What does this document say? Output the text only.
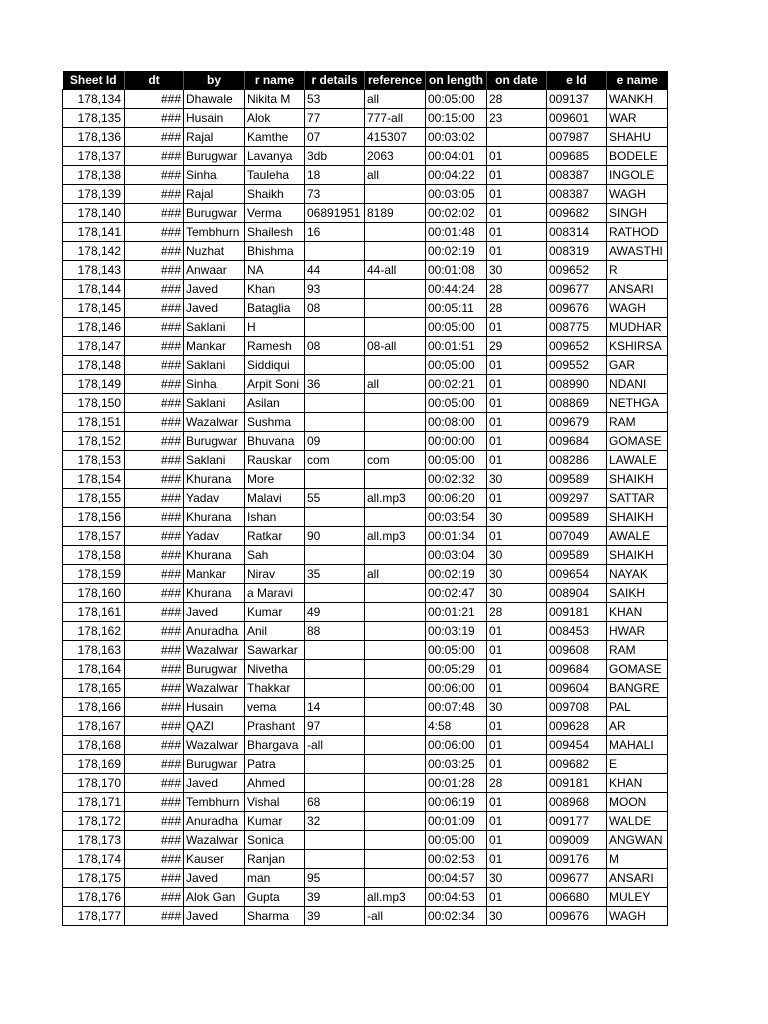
Sheet Id	dt	by	r name	r details	reference	on length	on date	e Id	e name
178,134	###	Dhawale	Nikita M	53	all	00:05:00	28	009137	WANKH
178,135	###	Husain	Alok	77	777-all	00:15:00	23	009601	WAR
178,136	###	Rajal	Kamthe	07	415307	00:03:02		007987	SHAHU
178,137	###	Burugwar	Lavanya	3db	2063	00:04:01	01	009685	BODELE
178,138	###	Sinha	Tauleha	18	all	00:04:22	01	008387	INGOLE
178,139	###	Rajal	Shaikh	73		00:03:05	01	008387	WAGH
178,140	###	Burugwar	Verma	06891951	8189	00:02:02	01	009682	SINGH
178,141	###	Tembhurn	Shailesh	16		00:01:48	01	008314	RATHOD
178,142	###	Nuzhat	Bhishma			00:02:19	01	008319	AWASTHI
178,143	###	Anwaar	NA	44	44-all	00:01:08	30	009652	R
178,144	###	Javed	Khan	93		00:44:24	28	009677	ANSARI
178,145	###	Javed	Bataglia	08		00:05:11	28	009676	WAGH
178,146	###	Saklani	H			00:05:00	01	008775	MUDHAR
178,147	###	Mankar	Ramesh	08	08-all	00:01:51	29	009652	KSHIRSA
178,148	###	Saklani	Siddiqui			00:05:00	01	009552	GAR
178,149	###	Sinha	Arpit Soni	36	all	00:02:21	01	008990	NDANI
178,150	###	Saklani	Asilan			00:05:00	01	008869	NETHGA
178,151	###	Wazalwar	Sushma			00:08:00	01	009679	RAM
178,152	###	Burugwar	Bhuvana	09		00:00:00	01	009684	GOMASE
178,153	###	Saklani	Rauskar	com	com	00:05:00	01	008286	LAWALE
178,154	###	Khurana	More			00:02:32	30	009589	SHAIKH
178,155	###	Yadav	Malavi	55	all.mp3	00:06:20	01	009297	SATTAR
178,156	###	Khurana	Ishan			00:03:54	30	009589	SHAIKH
178,157	###	Yadav	Ratkar	90	all.mp3	00:01:34	01	007049	AWALE
178,158	###	Khurana	Sah			00:03:04	30	009589	SHAIKH
178,159	###	Mankar	Nirav	35	all	00:02:19	30	009654	NAYAK
178,160	###	Khurana	a Maravi			00:02:47	30	008904	SAIKH
178,161	###	Javed	Kumar	49		00:01:21	28	009181	KHAN
178,162	###	Anuradha	Anil	88		00:03:19	01	008453	HWAR
178,163	###	Wazalwar	Sawarkar			00:05:00	01	009608	RAM
178,164	###	Burugwar	Nivetha			00:05:29	01	009684	GOMASE
178,165	###	Wazalwar	Thakkar			00:06:00	01	009604	BANGRE
178,166	###	Husain	vema	14		00:07:48	30	009708	PAL
178,167	###	QAZI	Prashant	97		4:58	01	009628	AR
178,168	###	Wazalwar	Bhargava	-all		00:06:00	01	009454	MAHALI
178,169	###	Burugwar	Patra			00:03:25	01	009682	E
178,170	###	Javed	Ahmed			00:01:28	28	009181	KHAN
178,171	###	Tembhurn	Vishal	68		00:06:19	01	008968	MOON
178,172	###	Anuradha	Kumar	32		00:01:09	01	009177	WALDE
178,173	###	Wazalwar	Sonica			00:05:00	01	009009	ANGWAN
178,174	###	Kauser	Ranjan			00:02:53	01	009176	M
178,175	###	Javed	man	95		00:04:57	30	009677	ANSARI
178,176	###	Alok Gan	Gupta	39	all.mp3	00:04:53	01	006680	MULEY
178,177	###	Javed	Sharma	39	-all	00:02:34	30	009676	WAGH
